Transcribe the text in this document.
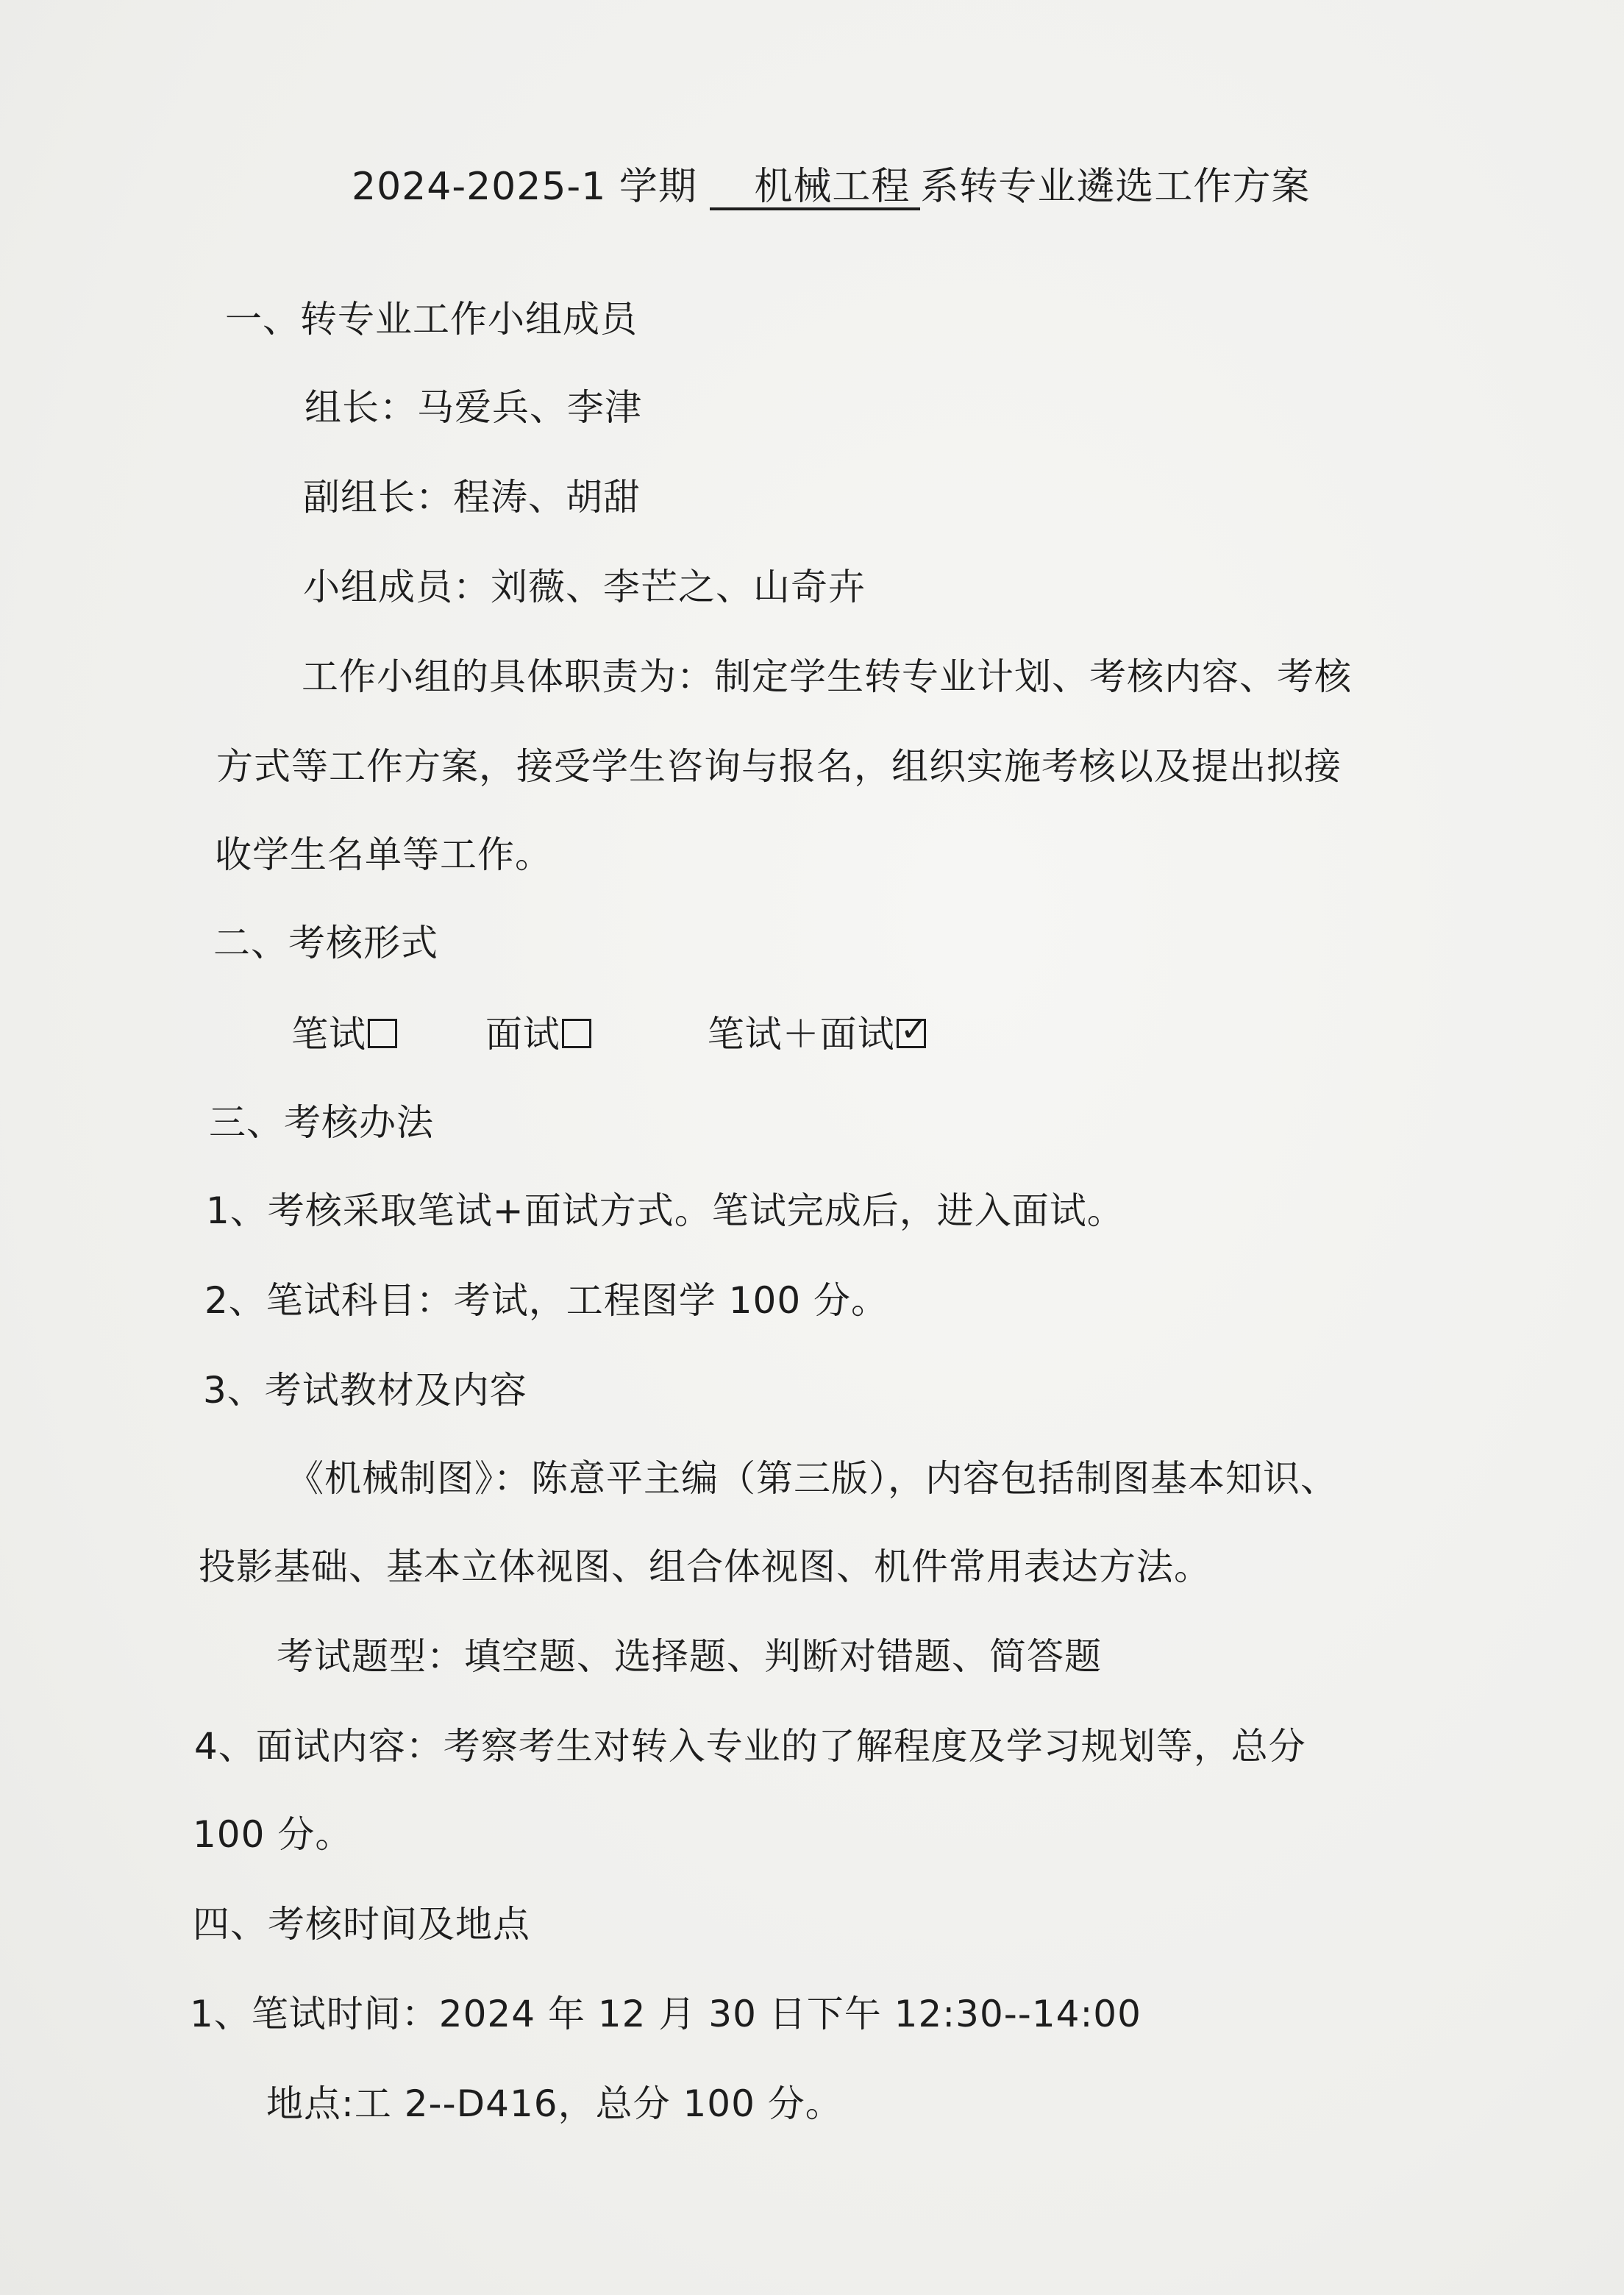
2024-2025-1 学期 机械工程 系转专业遴选工作方案
一、转专业工作小组成员
组长：马爱兵、李津
副组长：程涛、胡甜
小组成员：刘薇、李芒之、山奇卉
工作小组的具体职责为：制定学生转专业计划、考核内容、考核
方式等工作方案，接受学生咨询与报名，组织实施考核以及提出拟接
收学生名单等工作。
二、考核形式
笔试	面试	笔试＋面试 ✓
三、考核办法
1、考核采取笔试+面试方式。笔试完成后，进入面试。
2、笔试科目：考试，工程图学 100 分。
3、考试教材及内容
《机械制图》：陈意平主编（第三版），内容包括制图基本知识、
投影基础、基本立体视图、组合体视图、机件常用表达方法。
考试题型：填空题、选择题、判断对错题、简答题
4、面试内容：考察考生对转入专业的了解程度及学习规划等，总分
100 分。
四、考核时间及地点
1、笔试时间：2024 年 12 月 30 日下午 12:30--14:00
地点:工 2--D416，总分 100 分。
